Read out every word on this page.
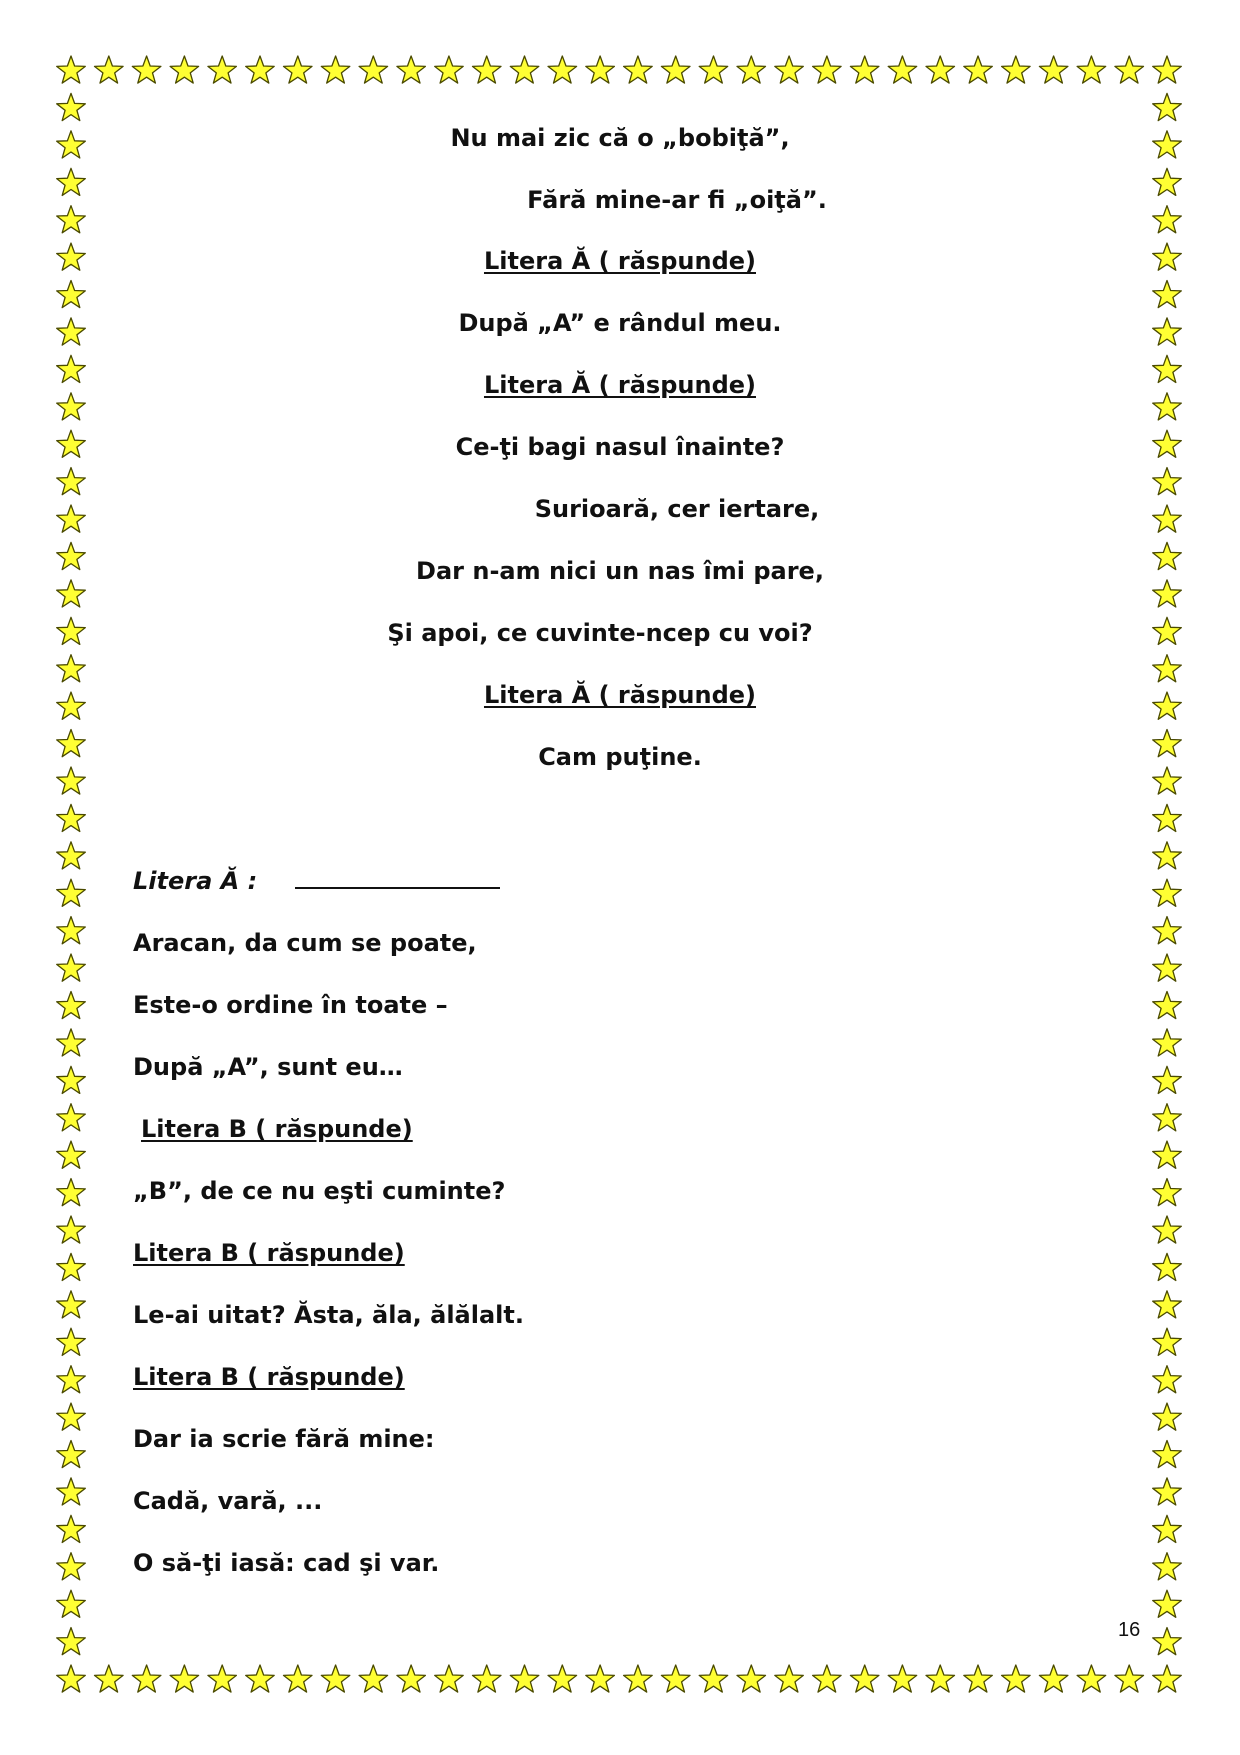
Nu mai zic că o „bobiţă”,
Fără mine-ar fi „oiţă”.
Litera Ă ( răspunde)
După „A” e rândul meu.
Litera Ă ( răspunde)
Ce-ţi bagi nasul înainte?
Surioară, cer iertare,
Dar n-am nici un nas îmi pare,
Şi apoi, ce cuvinte-ncep cu voi?
Litera Ă ( răspunde)
Cam puţine.
Litera Ă :
Aracan, da cum se poate,
Este-o ordine în toate –
După „A”, sunt eu…
Litera B ( răspunde)
„B”, de ce nu eşti cuminte?
Litera B ( răspunde)
Le-ai uitat? Ăsta, ăla, ălălalt.
Litera B ( răspunde)
Dar ia scrie fără mine:
Cadă, vară, ...
O să-ţi iasă: cad şi var.
16
